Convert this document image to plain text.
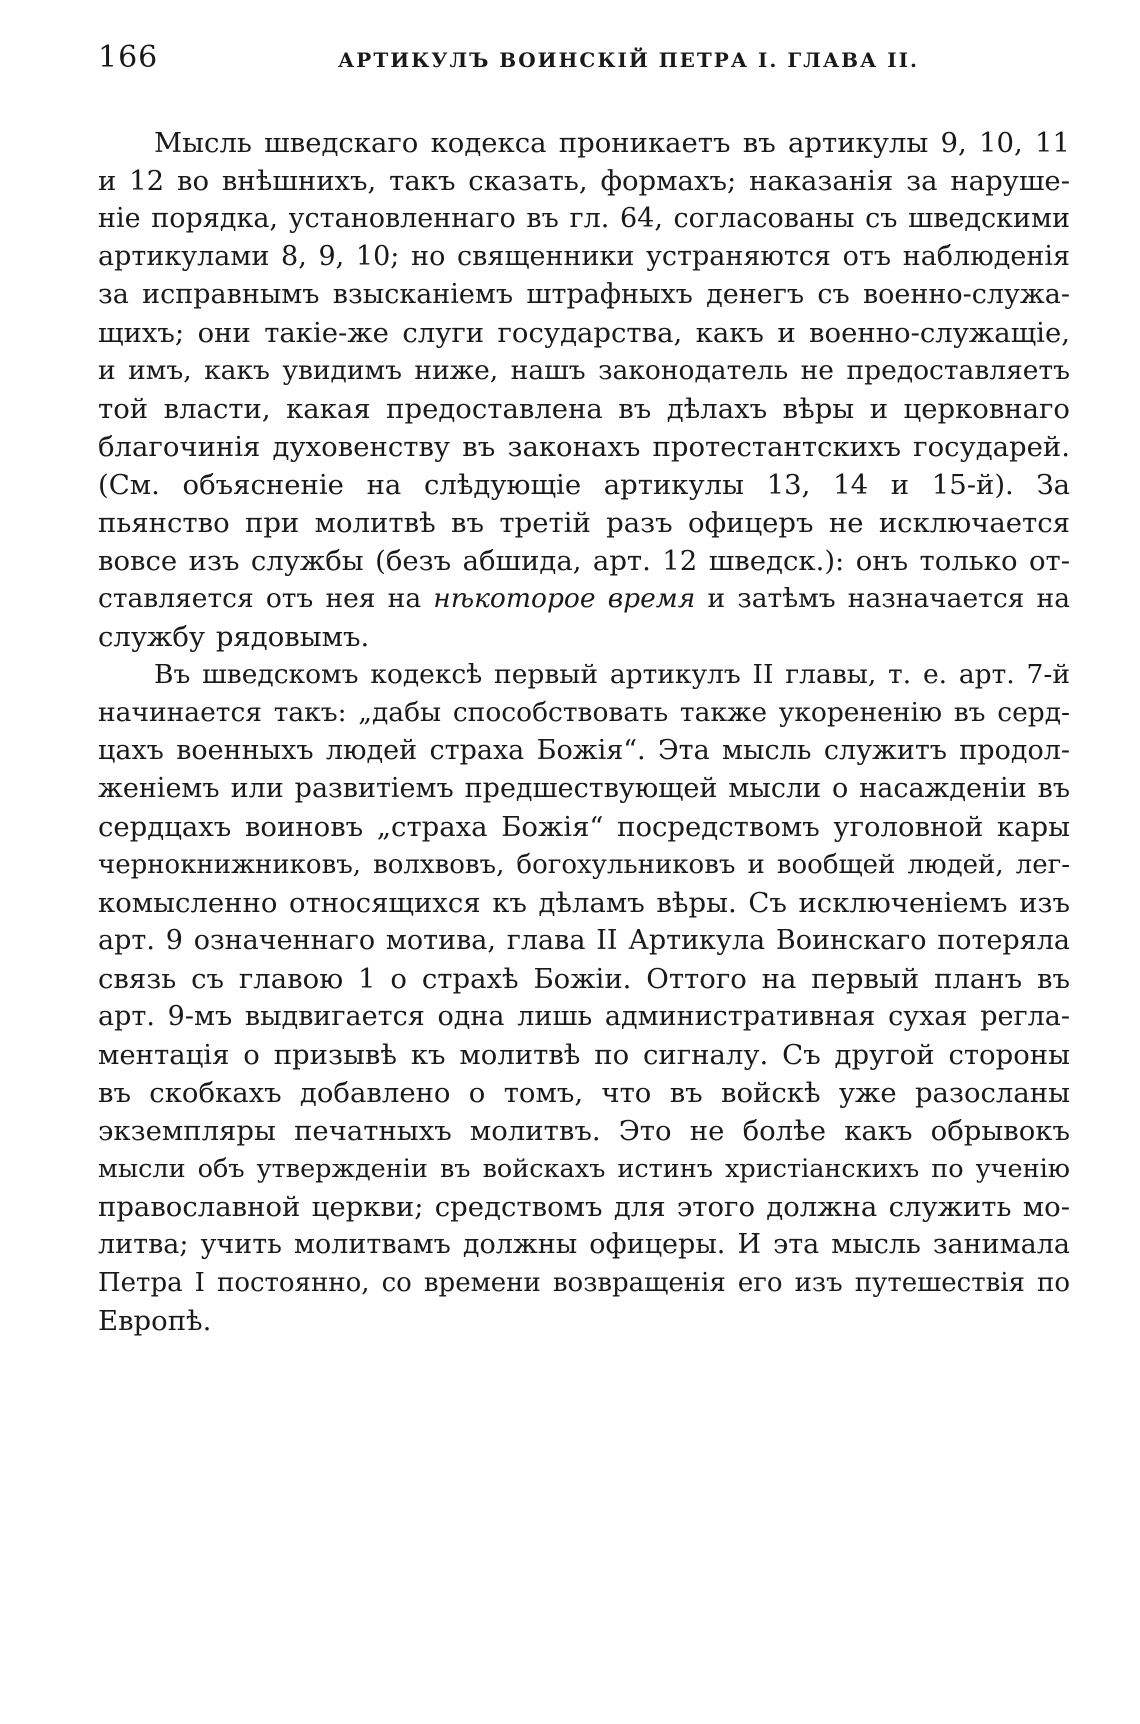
166	АРТИКУЛЪ ВОИНСКІЙ ПЕТРА I. ГЛАВА II.
Мысль шведскаго кодекса проникаетъ въ артикулы 9, 10, 11
и 12 во внѣшнихъ, такъ сказать, формахъ; наказанія за наруше-
ніе порядка, установленнаго въ гл. 64, согласованы съ шведскими
артикулами 8, 9, 10; но священники устраняются отъ наблюденія
за исправнымъ взысканіемъ штрафныхъ денегъ съ военно-служа-
щихъ; они такіе-же слуги государства, какъ и военно-служащіе,
и имъ, какъ увидимъ ниже, нашъ законодатель не предоставляетъ
той власти, какая предоставлена въ дѣлахъ вѣры и церковнаго
благочинія духовенству въ законахъ протестантскихъ государей.
(См. объясненіе на слѣдующіе артикулы 13, 14 и 15-й). За
пьянство при молитвѣ въ третій разъ офицеръ не исключается
вовсе изъ службы (безъ абшида, арт. 12 шведск.): онъ только от-
ставляется отъ нея на нѣкоторое время и затѣмъ назначается на
службу рядовымъ.
Въ шведскомъ кодексѣ первый артикулъ II главы, т. е. арт. 7-й
начинается такъ: „дабы способствовать также укорененію въ серд-
цахъ военныхъ людей страха Божія“. Эта мысль служитъ продол-
женіемъ или развитіемъ предшествующей мысли о насажденіи въ
сердцахъ воиновъ „страха Божія“ посредствомъ уголовной кары
чернокнижниковъ, волхвовъ, богохульниковъ и вообщей людей, лег-
комысленно относящихся къ дѣламъ вѣры. Съ исключеніемъ изъ
арт. 9 означеннаго мотива, глава II Артикула Воинскаго потеряла
связь съ главою 1 о страхѣ Божіи. Оттого на первый планъ въ
арт. 9-мъ выдвигается одна лишь административная сухая регла-
ментація о призывѣ къ молитвѣ по сигналу. Съ другой стороны
въ скобкахъ добавлено о томъ, что въ войскѣ уже разосланы
экземпляры печатныхъ молитвъ. Это не болѣе какъ обрывокъ
мысли объ утвержденіи въ войскахъ истинъ христіанскихъ по ученію
православной церкви; средствомъ для этого должна служить мо-
литва; учить молитвамъ должны офицеры. И эта мысль занимала
Петра I постоянно, со времени возвращенія его изъ путешествія по
Европѣ.
